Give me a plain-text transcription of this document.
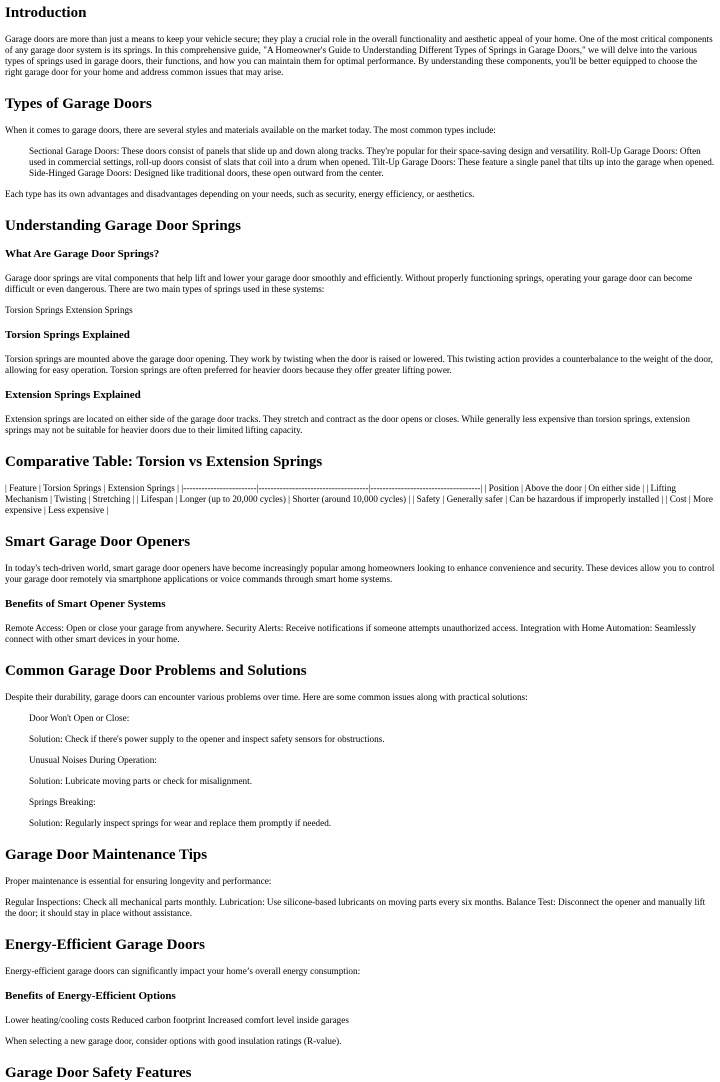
Introduction

Garage doors are more than just a means to keep your vehicle secure; they play a crucial role in the overall functionality and aesthetic appeal of your home. One of the most critical components of any garage door system is its springs. In this comprehensive guide, "A Homeowner's Guide to Understanding Different Types of Springs in Garage Doors," we will delve into the various types of springs used in garage doors, their functions, and how you can maintain them for optimal performance. By understanding these components, you'll be better equipped to choose the right garage door for your home and address common issues that may arise.

Types of Garage Doors

When it comes to garage doors, there are several styles and materials available on the market today. The most common types include:

Sectional Garage Doors: These doors consist of panels that slide up and down along tracks. They're popular for their space-saving design and versatility. Roll-Up Garage Doors: Often used in commercial settings, roll-up doors consist of slats that coil into a drum when opened. Tilt-Up Garage Doors: These feature a single panel that tilts up into the garage when opened. Side-Hinged Garage Doors: Designed like traditional doors, these open outward from the center.

Each type has its own advantages and disadvantages depending on your needs, such as security, energy efficiency, or aesthetics.

Understanding Garage Door Springs
What Are Garage Door Springs?

Garage door springs are vital components that help lift and lower your garage door smoothly and efficiently. Without properly functioning springs, operating your garage door can become difficult or even dangerous. There are two main types of springs used in these systems:

Torsion Springs Extension Springs

Torsion Springs Explained

Torsion springs are mounted above the garage door opening. They work by twisting when the door is raised or lowered. This twisting action provides a counterbalance to the weight of the door, allowing for easy operation. Torsion springs are often preferred for heavier doors because they offer greater lifting power.

Extension Springs Explained

Extension springs are located on either side of the garage door tracks. They stretch and contract as the door opens or closes. While generally less expensive than torsion springs, extension springs may not be suitable for heavier doors due to their limited lifting capacity.

Comparative Table: Torsion vs Extension Springs

| Feature | Torsion Springs | Extension Springs | |------------------------|------------------------------------|------------------------------------| | Position | Above the door | On either side | | Lifting Mechanism | Twisting | Stretching | | Lifespan | Longer (up to 20,000 cycles) | Shorter (around 10,000 cycles) | | Safety | Generally safer | Can be hazardous if improperly installed | | Cost | More expensive | Less expensive |

Smart Garage Door Openers

In today's tech-driven world, smart garage door openers have become increasingly popular among homeowners looking to enhance convenience and security. These devices allow you to control your garage door remotely via smartphone applications or voice commands through smart home systems.

Benefits of Smart Opener Systems

Remote Access: Open or close your garage from anywhere. Security Alerts: Receive notifications if someone attempts unauthorized access. Integration with Home Automation: Seamlessly connect with other smart devices in your home.

Common Garage Door Problems and Solutions

Despite their durability, garage doors can encounter various problems over time. Here are some common issues along with practical solutions:

Door Won't Open or Close:
Solution: Check if there's power supply to the opener and inspect safety sensors for obstructions.
Unusual Noises During Operation:
Solution: Lubricate moving parts or check for misalignment.
Springs Breaking:
Solution: Regularly inspect springs for wear and replace them promptly if needed.
Garage Door Maintenance Tips

Proper maintenance is essential for ensuring longevity and performance:

Regular Inspections: Check all mechanical parts monthly. Lubrication: Use silicone-based lubricants on moving parts every six months. Balance Test: Disconnect the opener and manually lift the door; it should stay in place without assistance.

Energy-Efficient Garage Doors

Energy-efficient garage doors can significantly impact your home’s overall energy consumption:

Benefits of Energy-Efficient Options

Lower heating/cooling costs Reduced carbon footprint Increased comfort level inside garages

When selecting a new garage door, consider options with good insulation ratings (R-value).

Garage Door Safety Features
